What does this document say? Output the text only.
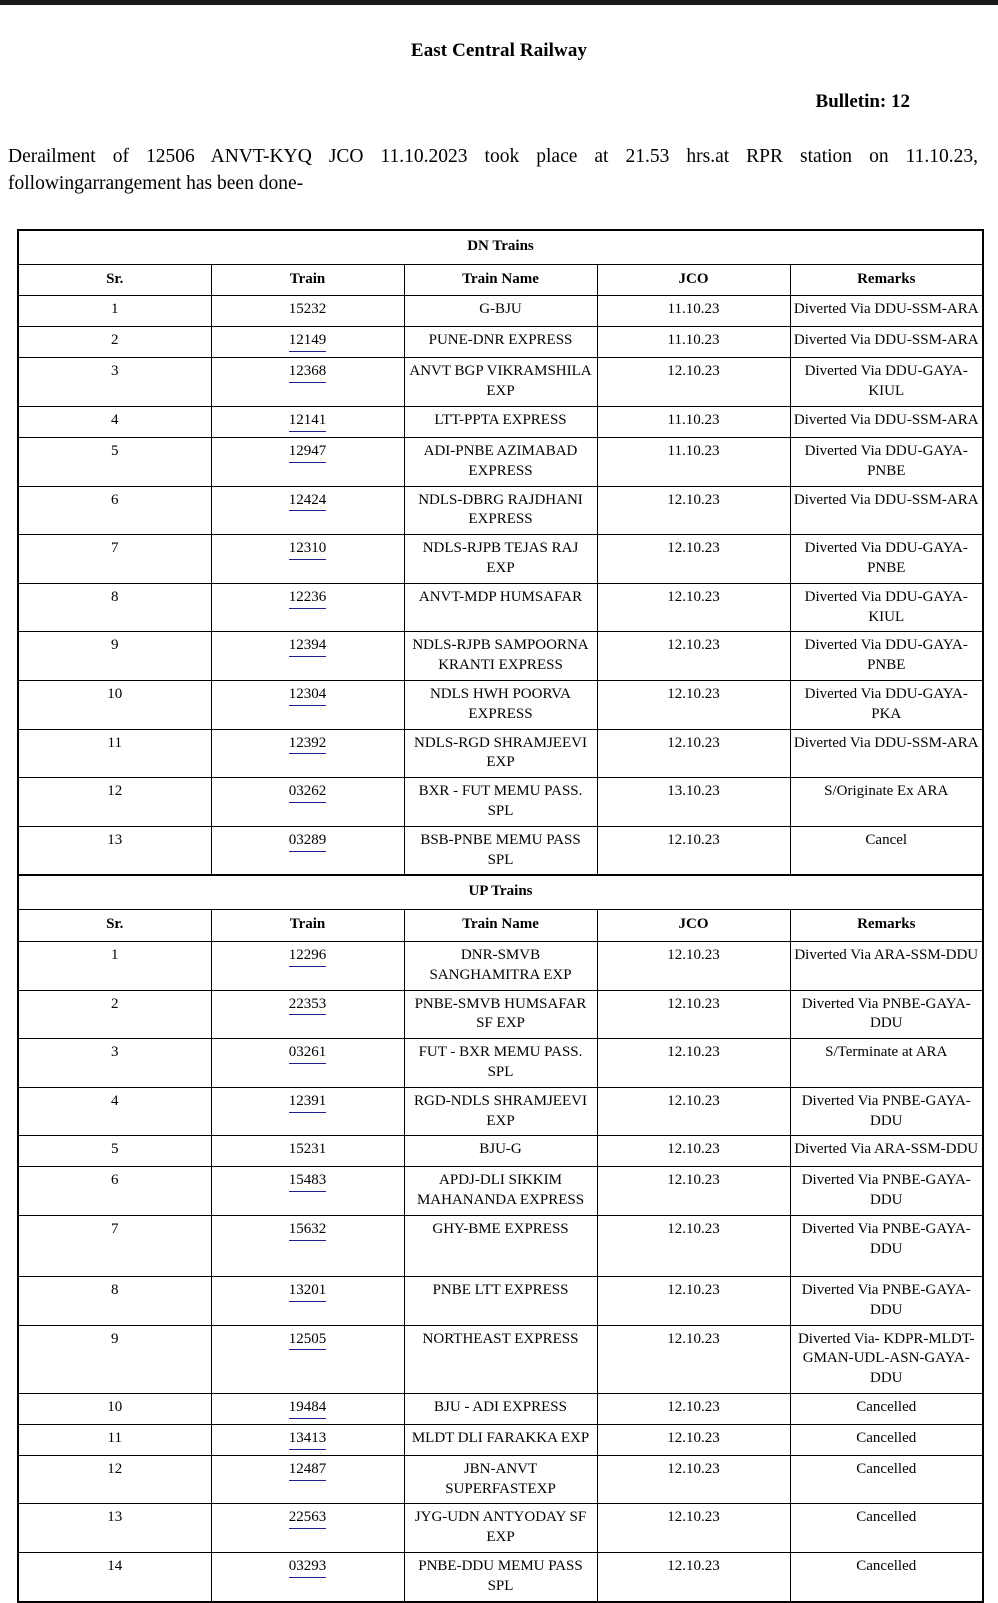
East Central Railway
Bulletin: 12

Derailment of 12506 ANVT-KYQ JCO 11.10.2023 took place at 21.53 hrs.at RPR station on 11.10.23, followingarrangement has been done-

DN Trains				
Sr.	Train	Train Name	JCO	Remarks
1	15232	G-BJU	11.10.23	Diverted Via DDU-SSM-ARA
2	12149	PUNE-DNR EXPRESS	11.10.23	Diverted Via DDU-SSM-ARA
3	12368	ANVT BGP VIKRAMSHILA EXP	12.10.23	Diverted Via DDU-GAYA-KIUL
4	12141	LTT-PPTA EXPRESS	11.10.23	Diverted Via DDU-SSM-ARA
5	12947	ADI-PNBE AZIMABAD EXPRESS	11.10.23	Diverted Via DDU-GAYA-PNBE
6	12424	NDLS-DBRG RAJDHANI EXPRESS	12.10.23	Diverted Via DDU-SSM-ARA
7	12310	NDLS-RJPB TEJAS RAJ EXP	12.10.23	Diverted Via DDU-GAYA-PNBE
8	12236	ANVT-MDP HUMSAFAR	12.10.23	Diverted Via DDU-GAYA-KIUL
9	12394	NDLS-RJPB SAMPOORNA KRANTI EXPRESS	12.10.23	Diverted Via DDU-GAYA-PNBE
10	12304	NDLS HWH POORVA EXPRESS	12.10.23	Diverted Via DDU-GAYA-PKA
11	12392	NDLS-RGD SHRAMJEEVI EXP	12.10.23	Diverted Via DDU-SSM-ARA
12	03262	BXR - FUT MEMU PASS. SPL	13.10.23	S/Originate Ex ARA
13	03289	BSB-PNBE MEMU PASS SPL	12.10.23	Cancel
UP Trains				
Sr.	Train	Train Name	JCO	Remarks
1	12296	DNR-SMVB SANGHAMITRA EXP	12.10.23	Diverted Via ARA-SSM-DDU
2	22353	PNBE-SMVB HUMSAFAR SF EXP	12.10.23	Diverted Via PNBE-GAYA-DDU
3	03261	FUT - BXR MEMU PASS. SPL	12.10.23	S/Terminate at ARA
4	12391	RGD-NDLS SHRAMJEEVI EXP	12.10.23	Diverted Via PNBE-GAYA-DDU
5	15231	BJU-G	12.10.23	Diverted Via ARA-SSM-DDU
6	15483	APDJ-DLI SIKKIM MAHANANDA EXPRESS	12.10.23	Diverted Via PNBE-GAYA-DDU
7	15632	GHY-BME EXPRESS	12.10.23	Diverted Via PNBE-GAYA-DDU
8	13201	PNBE LTT EXPRESS	12.10.23	Diverted Via PNBE-GAYA-DDU
9	12505	NORTHEAST EXPRESS	12.10.23	Diverted Via- KDPR-MLDT-GMAN-UDL-ASN-GAYA-DDU
10	19484	BJU - ADI EXPRESS	12.10.23	Cancelled
11	13413	MLDT DLI FARAKKA EXP	12.10.23	Cancelled
12	12487	JBN-ANVT SUPERFASTEXP	12.10.23	Cancelled
13	22563	JYG-UDN ANTYODAY SF EXP	12.10.23	Cancelled
14	03293	PNBE-DDU MEMU PASS SPL	12.10.23	Cancelled
